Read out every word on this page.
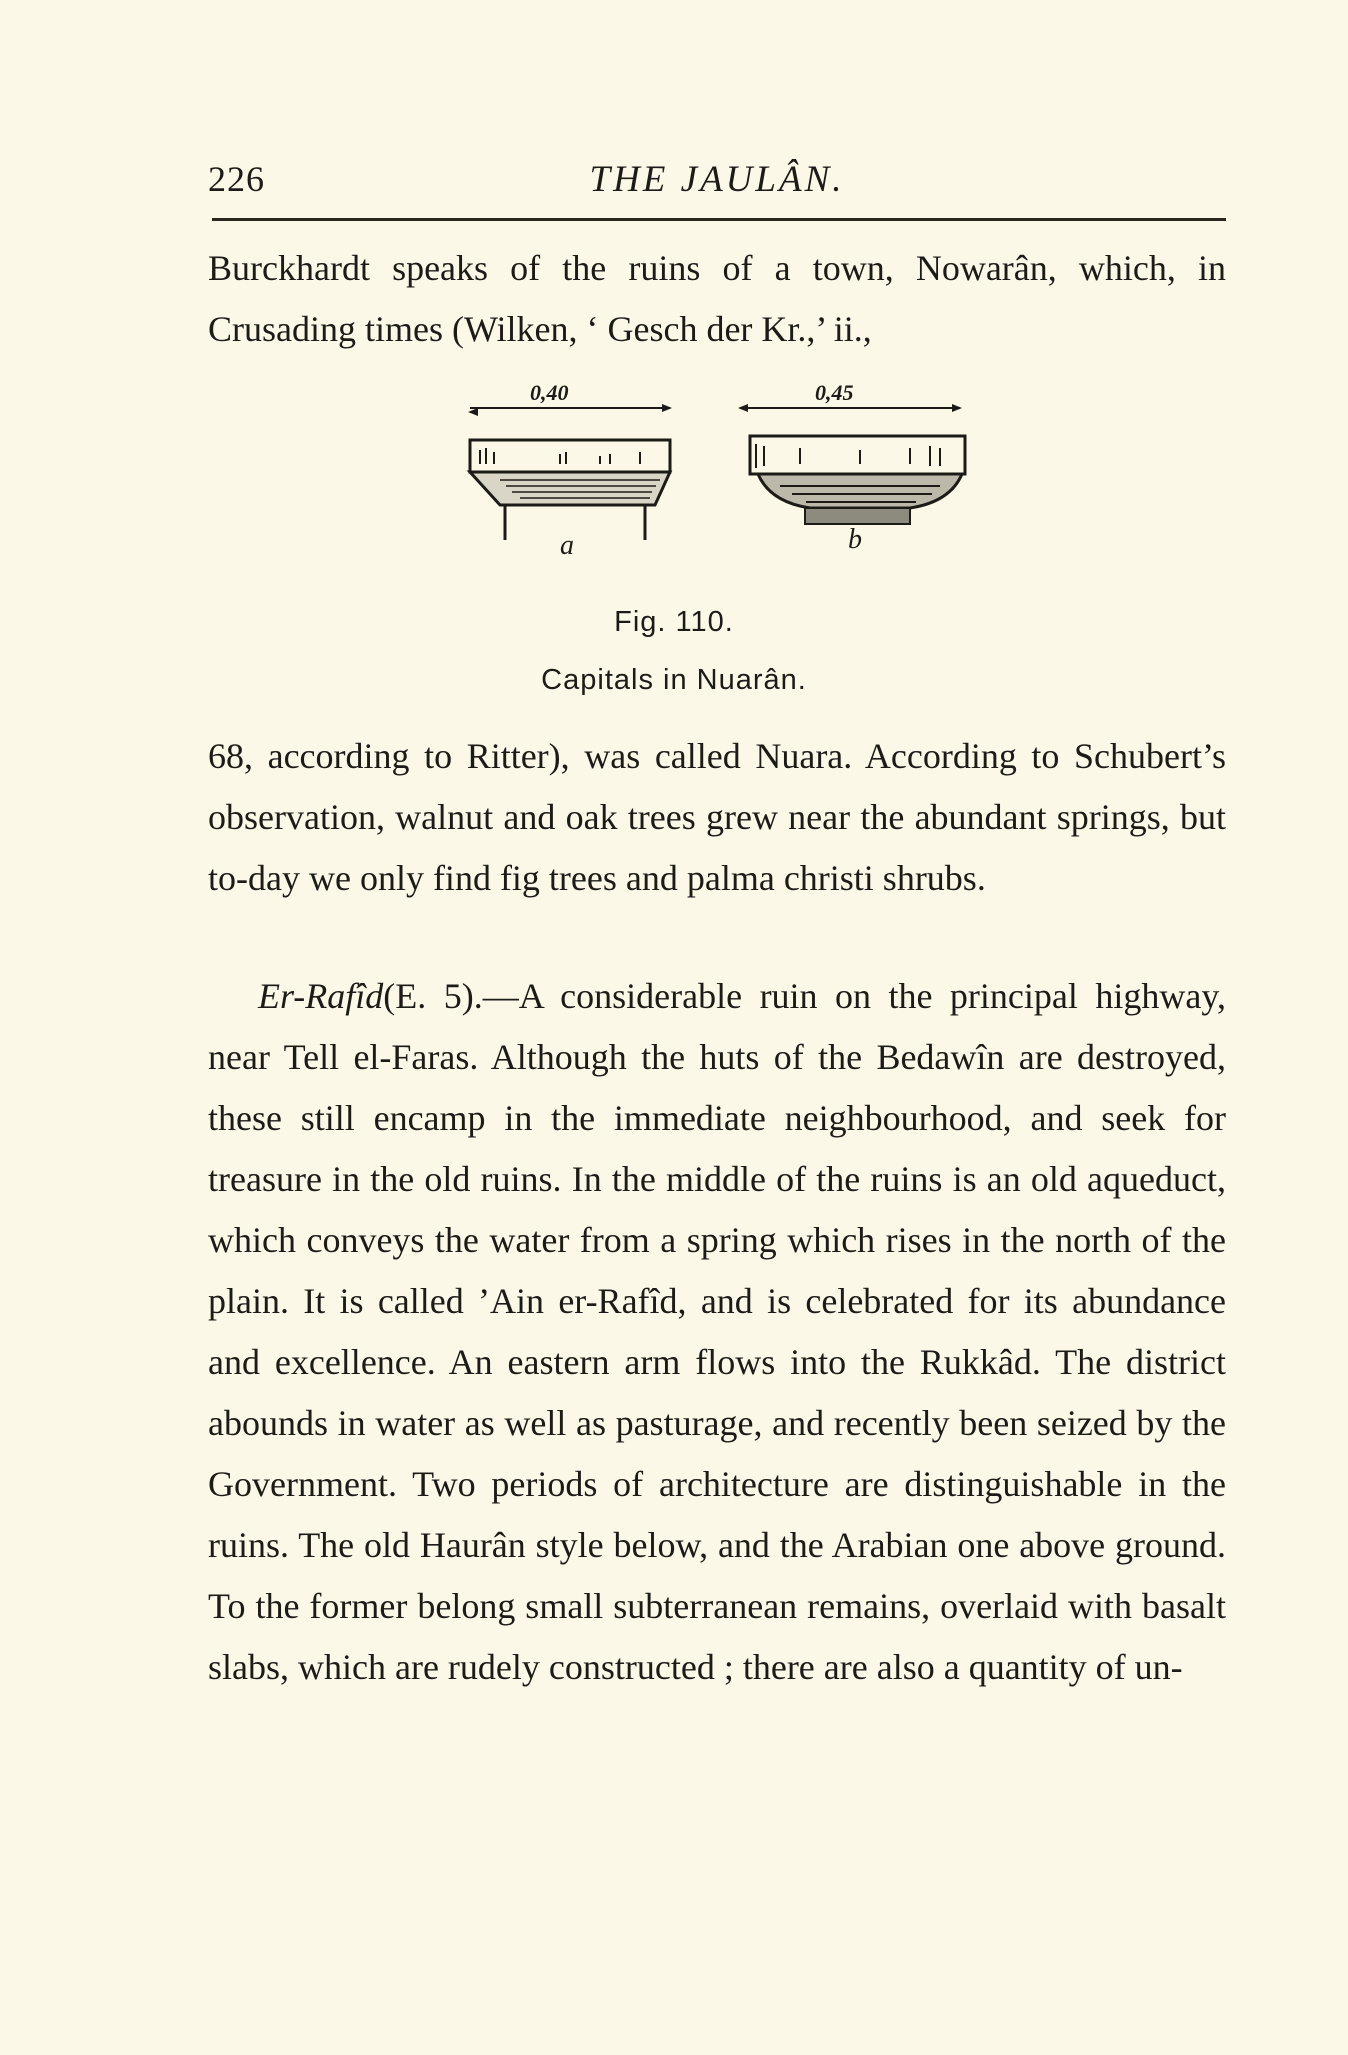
226	THE JAULÂN.

Burckhardt speaks of the ruins of a town, Nowarân, which, in Crusading times (Wilken, ‘ Gesch der Kr.,’ ii.,

0,40	0,45
a	b
Fig. 110.
Capitals in Nuarân.

68, according to Ritter), was called Nuara. According to Schubert’s observation, walnut and oak trees grew near the abundant springs, but to-day we only find fig trees and palma christi shrubs.

Er-Rafîd(E. 5).—A considerable ruin on the principal highway, near Tell el-Faras. Although the huts of the Bedawîn are destroyed, these still encamp in the immediate neighbourhood, and seek for treasure in the old ruins. In the middle of the ruins is an old aqueduct, which conveys the water from a spring which rises in the north of the plain. It is called ’Ain er-Rafîd, and is celebrated for its abundance and excellence. An eastern arm flows into the Rukkâd. The district abounds in water as well as pasturage, and recently been seized by the Government. Two periods of architecture are distinguishable in the ruins. The old Haurân style below, and the Arabian one above ground. To the former belong small subterranean remains, overlaid with basalt slabs, which are rudely constructed ; there are also a quantity of un-
